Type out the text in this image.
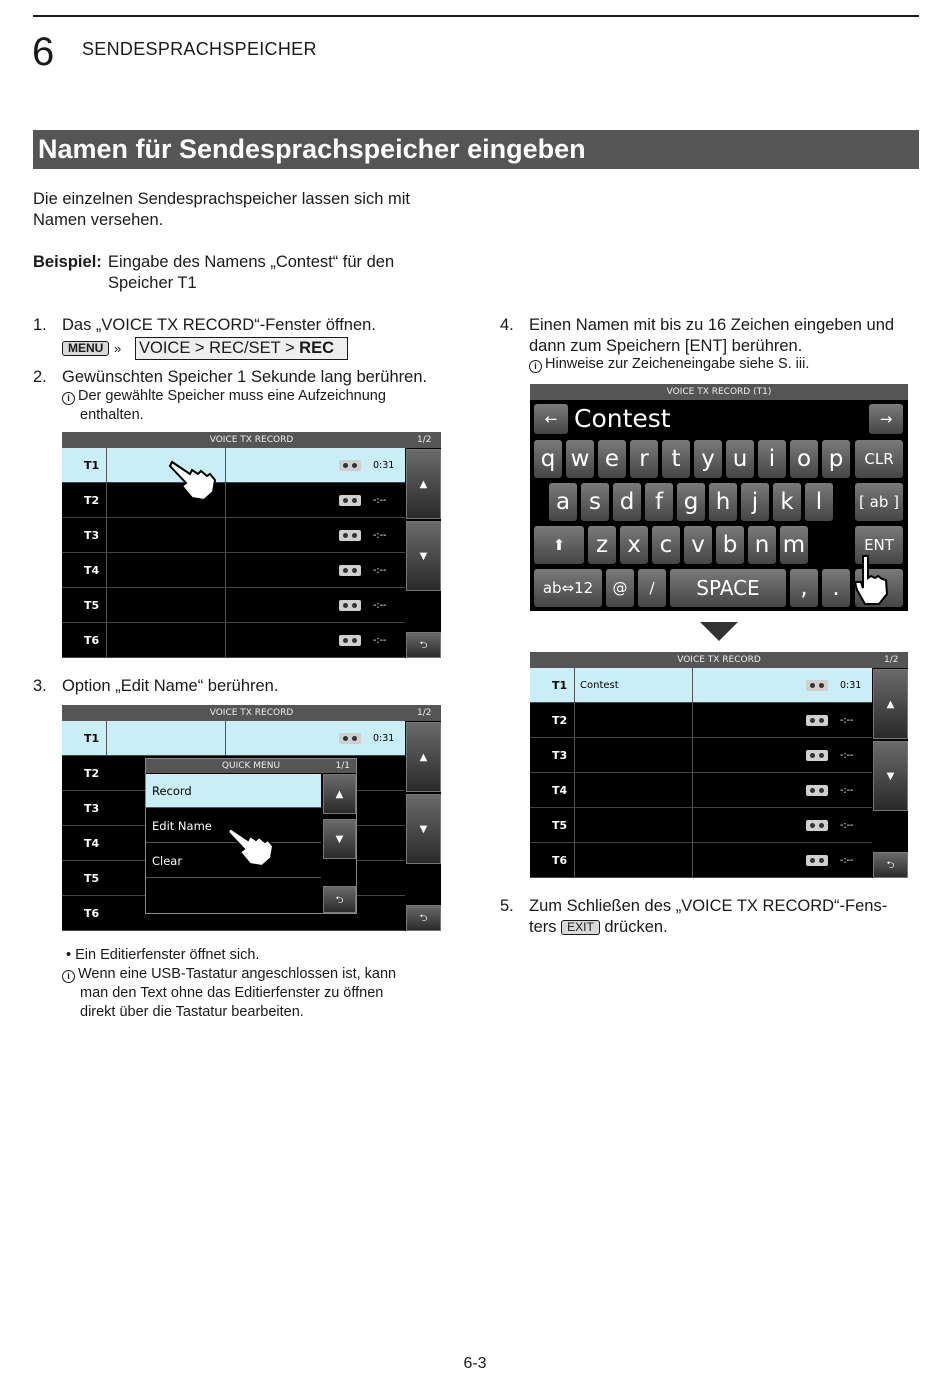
6 SENDESPRACHSPEICHER
Namen für Sendesprachspeicher eingeben
Die einzelnen Sendesprachspeicher lassen sich mit
Namen versehen.
Beispiel: Eingabe des Namens „Contest“ für den
Speicher T1
1. Das „VOICE TX RECORD“-Fenster öffnen.
MENU » VOICE > REC/SET > REC
2. Gewünschten Speicher 1 Sekunde lang berühren.
i Der gewählte Speicher muss eine Aufzeichnung
enthalten.
VOICE TX RECORD	1/2
T1	0:31
T2	-:--
T3	-:--
T4	-:--
T5	-:--
T6	-:--
▲
▼
⮌
3. Option „Edit Name“ berühren.
VOICE TX RECORD	1/2
T1	0:31
T2
T3
T4
T5
T6
▲
▼
⮌
QUICK MENU	1/1
Record
Edit Name
Clear
▲
▼
⮌
• Ein Editierfenster öffnet sich.
i Wenn eine USB-Tastatur angeschlossen ist, kann
man den Text ohne das Editierfenster zu öffnen
direkt über die Tastatur bearbeiten.
4. Einen Namen mit bis zu 16 Zeichen eingeben und
dann zum Speichern [ENT] berühren.
i Hinweise zur Zeicheneingabe siehe S. iii.
VOICE TX RECORD (T1)
← Contest	→
q w e r t y u i o p	CLR
a s d f g h j k l	[ ab ]
⬆	z x c v b n m	ENT
ab⇔12	@	/	SPACE	,	.
VOICE TX RECORD	1/2
T1 Contest	0:31
T2	-:--
T3	-:--
T4	-:--
T5	-:--
T6	-:--
▲
▼
⮌
5. Zum Schließen des „VOICE TX RECORD“-Fens-
ters EXIT drücken.
6-3
